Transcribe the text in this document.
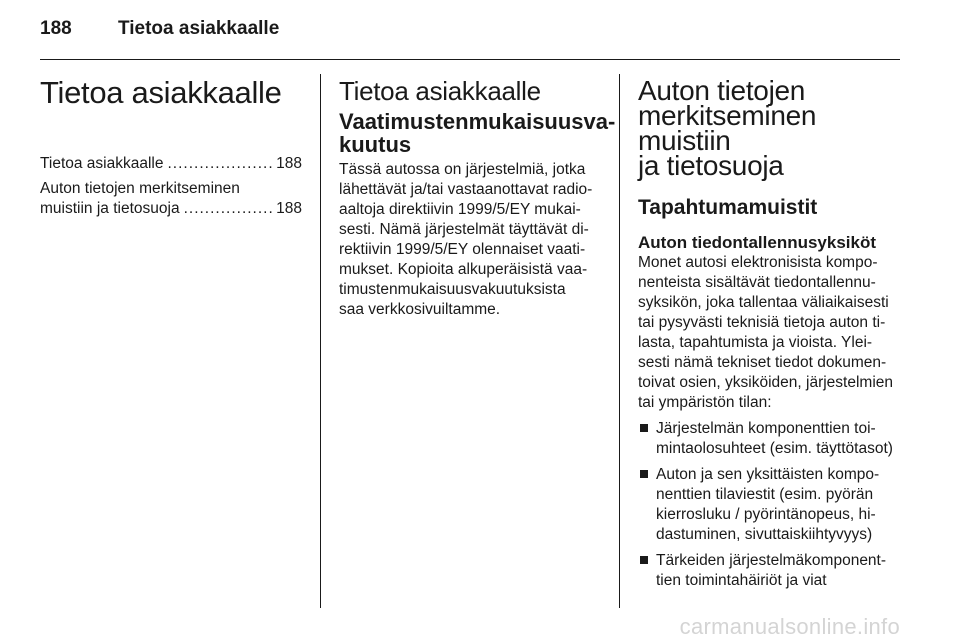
188 Tietoa asiakkaalle
Tietoa asiakkaalle
Tietoa asiakkaalle .....	188

Auton tietojen merkitseminen

muistiin ja tietosuoja .....	188
Tietoa asiakkaalle
Vaatimustenmukaisuusva-
kuutus

Tässä autossa on järjestelmiä, jotka

lähettävät ja/tai vastaanottavat radio-

aaltoja direktiivin 1999/5/EY mukai-

sesti. Nämä järjestelmät täyttävät di-

rektiivin 1999/5/EY olennaiset vaati-

mukset. Kopioita alkuperäisistä vaa-

timustenmukaisuusvakuutuksista

saa verkkosivuiltamme.

Auton tietojen
merkitseminen muistiin
ja tietosuoja
Tapahtumamuistit
Auton tiedontallennusyksiköt

Monet autosi elektronisista kompo-

nenteista sisältävät tiedontallennu-

syksikön, joka tallentaa väliaikaisesti

tai pysyvästi teknisiä tietoja auton ti-

lasta, tapahtumista ja vioista. Ylei-

sesti nämä tekniset tiedot dokumen-

toivat osien, yksiköiden, järjestelmien

tai ympäristön tilan:

Järjestelmän komponenttien toi-
mintaolosuhteet (esim. täyttötasot)
Auton ja sen yksittäisten kompo-
nenttien tilaviestit (esim. pyörän
kierrosluku / pyörintänopeus, hi-
dastuminen, sivuttaiskiihtyvyys)
Tärkeiden järjestelmäkomponent-
tien toimintahäiriöt ja viat
carmanualsonline.info
